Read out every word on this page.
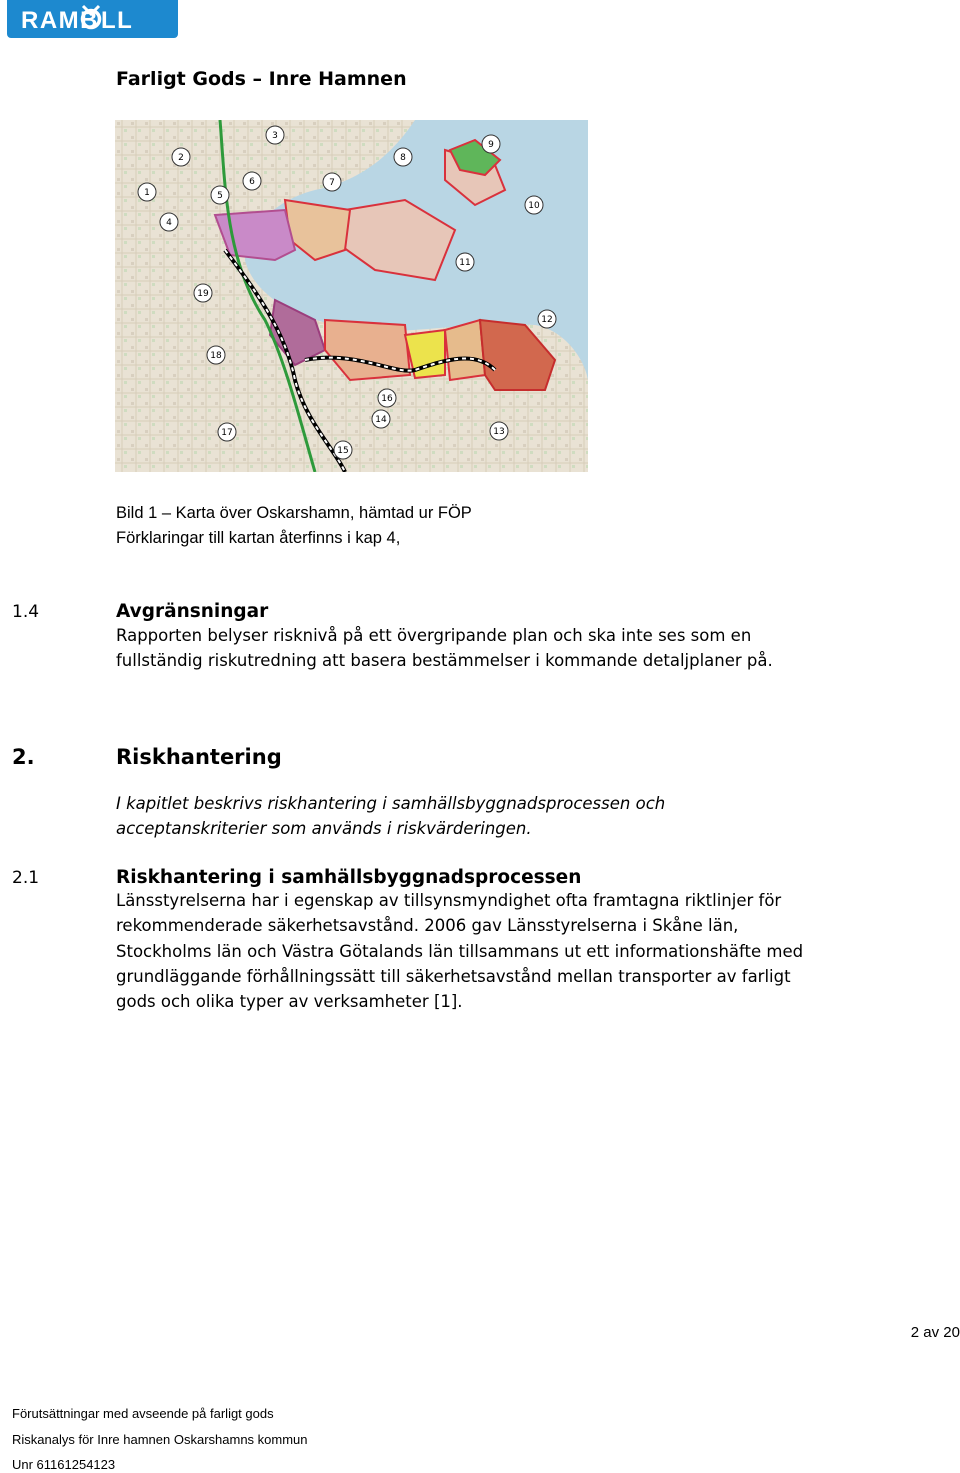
RAMB LL
Farligt Gods – Inre Hamnen
1
2
3
4
5
6	7
8
9
10
11
12
13
14
15
16
17
18
19
Bild 1 – Karta över Oskarshamn, hämtad ur FÖP
Förklaringar till kartan återfinns i kap 4,
1.4	Avgränsningar
Rapporten belyser risknivå på ett övergripande plan och ska inte ses som en
fullständig riskutredning att basera bestämmelser i kommande detaljplaner på.
2.	Riskhantering
I kapitlet beskrivs riskhantering i samhällsbyggnadsprocessen och
acceptanskriterier som används i riskvärderingen.
2.1	Riskhantering i samhällsbyggnadsprocessen
Länsstyrelserna har i egenskap av tillsynsmyndighet ofta framtagna riktlinjer för
rekommenderade säkerhetsavstånd. 2006 gav Länsstyrelserna i Skåne län,
Stockholms län och Västra Götalands län tillsammans ut ett informationshäfte med
grundläggande förhållningssätt till säkerhetsavstånd mellan transporter av farligt
gods och olika typer av verksamheter [1].
2 av 20
Förutsättningar med avseende på farligt gods
Riskanalys för Inre hamnen Oskarshamns kommun
Unr 61161254123
